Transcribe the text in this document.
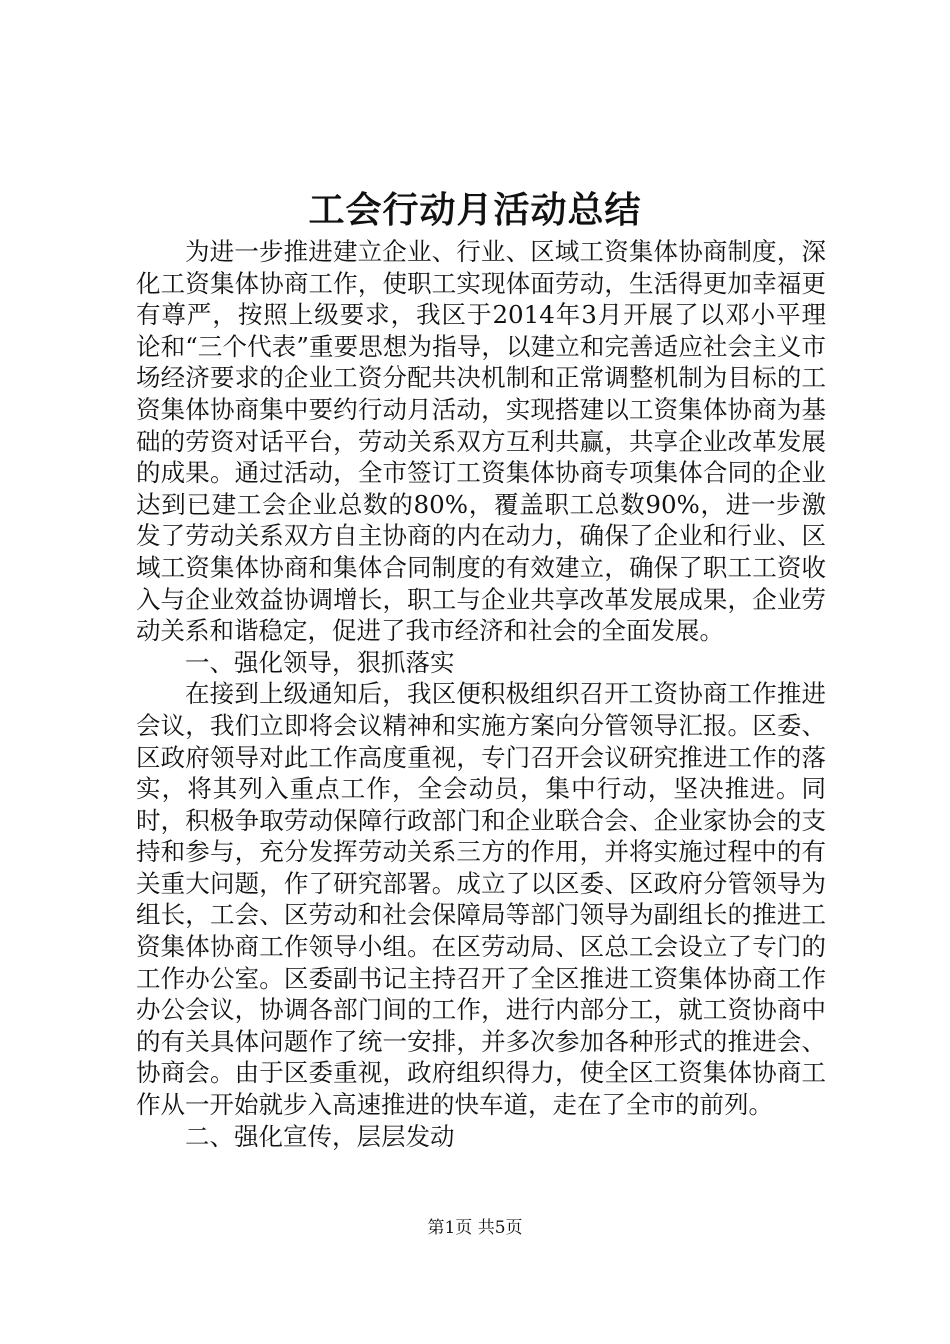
工会行动月活动总结

为进一步推进建立企业、行业、区域工资集体协商制度，深化工资集体协商工作，使职工实现体面劳动，生活得更加幸福更有尊严，按照上级要求，我区于2014年3月开展了以邓小平理论和“三个代表”重要思想为指导，以建立和完善适应社会主义市场经济要求的企业工资分配共决机制和正常调整机制为目标的工资集体协商集中要约行动月活动，实现搭建以工资集体协商为基础的劳资对话平台，劳动关系双方互利共赢，共享企业改革发展的成果。通过活动，全市签订工资集体协商专项集体合同的企业达到已建工会企业总数的80%，覆盖职工总数90%，进一步激发了劳动关系双方自主协商的内在动力，确保了企业和行业、区域工资集体协商和集体合同制度的有效建立，确保了职工工资收入与企业效益协调增长，职工与企业共享改革发展成果，企业劳动关系和谐稳定，促进了我市经济和社会的全面发展。

一、强化领导，狠抓落实

在接到上级通知后，我区便积极组织召开工资协商工作推进会议，我们立即将会议精神和实施方案向分管领导汇报。区委、区政府领导对此工作高度重视，专门召开会议研究推进工作的落实，将其列入重点工作，全会动员，集中行动，坚决推进。同时，积极争取劳动保障行政部门和企业联合会、企业家协会的支持和参与，充分发挥劳动关系三方的作用，并将实施过程中的有关重大问题，作了研究部署。成立了以区委、区政府分管领导为组长，工会、区劳动和社会保障局等部门领导为副组长的推进工资集体协商工作领导小组。在区劳动局、区总工会设立了专门的工作办公室。区委副书记主持召开了全区推进工资集体协商工作办公会议，协调各部门间的工作，进行内部分工，就工资协商中的有关具体问题作了统一安排，并多次参加各种形式的推进会、协商会。由于区委重视，政府组织得力，使全区工资集体协商工作从一开始就步入高速推进的快车道，走在了全市的前列。

二、强化宣传，层层发动

第1页 共5页
